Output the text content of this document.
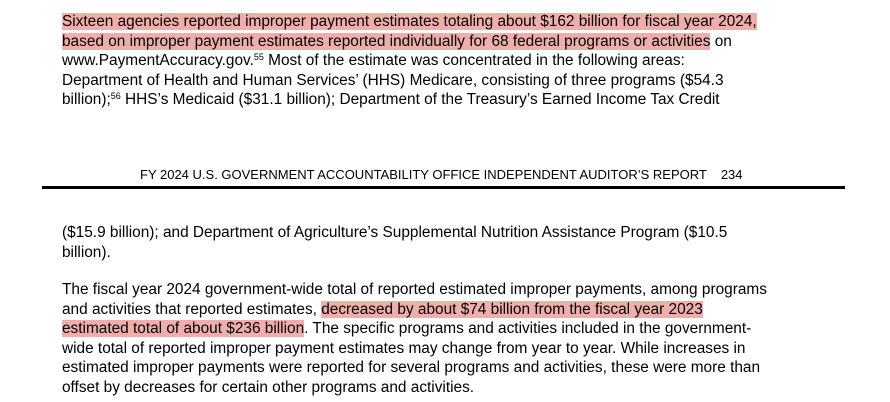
Sixteen agencies reported improper payment estimates totaling about $162 billion for fiscal year 2024,
based on improper payment estimates reported individually for 68 federal programs or activities on
www.PaymentAccuracy.gov.$^{55}$ Most of the estimate was concentrated in the following areas:
Department of Health and Human Services’ (HHS) Medicare, consisting of three programs ($54.3
billion);$^{56}$ HHS’s Medicaid ($31.1 billion); Department of the Treasury’s Earned Income Tax Credit
FY 2024 U.S. GOVERNMENT ACCOUNTABILITY OFFICE INDEPENDENT AUDITOR’S REPORT 234
($15.9 billion); and Department of Agriculture’s Supplemental Nutrition Assistance Program ($10.5
billion).
The fiscal year 2024 government-wide total of reported estimated improper payments, among programs
and activities that reported estimates, decreased by about $74 billion from the fiscal year 2023
estimated total of about $236 billion. The specific programs and activities included in the government-
wide total of reported improper payment estimates may change from year to year. While increases in
estimated improper payments were reported for several programs and activities, these were more than
offset by decreases for certain other programs and activities.
